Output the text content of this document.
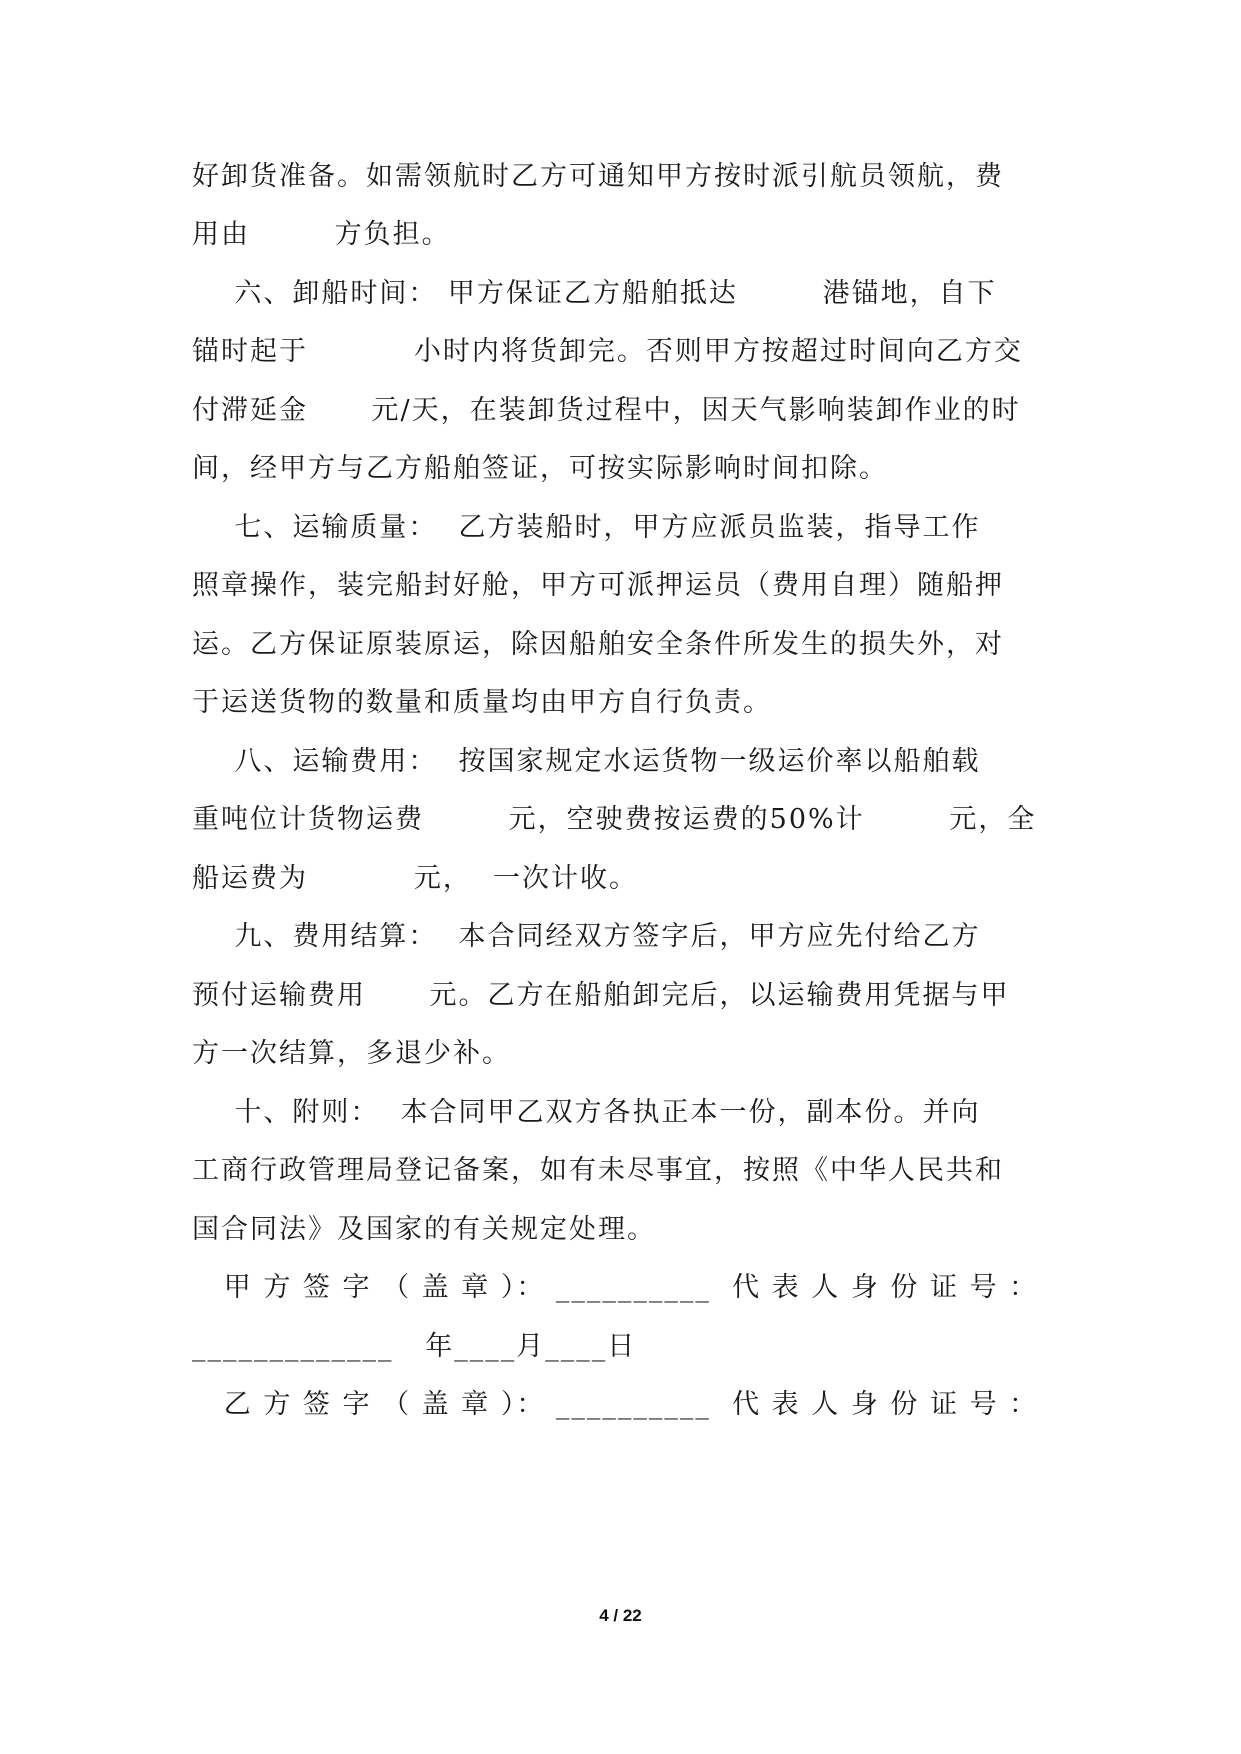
好卸货准备。如需领航时乙方可通知甲方按时派引航员领航，费
用由        方负担。
六、卸船时间： 甲方保证乙方船舶抵达        港锚地，自下
锚时起于          小时内将货卸完。否则甲方按超过时间向乙方交
付滞延金      元/天，在装卸货过程中，因天气影响装卸作业的时
间，经甲方与乙方船舶签证，可按实际影响时间扣除。
七、运输质量：  乙方装船时，甲方应派员监装，指导工作
照章操作，装完船封好舱，甲方可派押运员（费用自理）随船押
运。乙方保证原装原运，除因船舶安全条件所发生的损失外，对
于运送货物的数量和质量均由甲方自行负责。
八、运输费用：  按国家规定水运货物一级运价率以船舶载
重吨位计货物运费        元，空驶费按运费的50%计        元，全
船运费为          元，  一次计收。
九、费用结算：  本合同经双方签字后，甲方应先付给乙方
预付运输费用      元。乙方在船舶卸完后，以运输费用凭据与甲
方一次结算，多退少补。
十、附则：  本合同甲乙双方各执正本一份，副本份。并向
工商行政管理局登记备案，如有未尽事宜，按照《中华人民共和
国合同法》及国家的有关规定处理。
甲 方 签 字 （ 盖 章 ）： __________  代 表 人 身 份 证 号 ：
_____________   年____月____日
乙 方 签 字 （ 盖 章 ）： __________  代 表 人 身 份 证 号 ：
4 / 22
